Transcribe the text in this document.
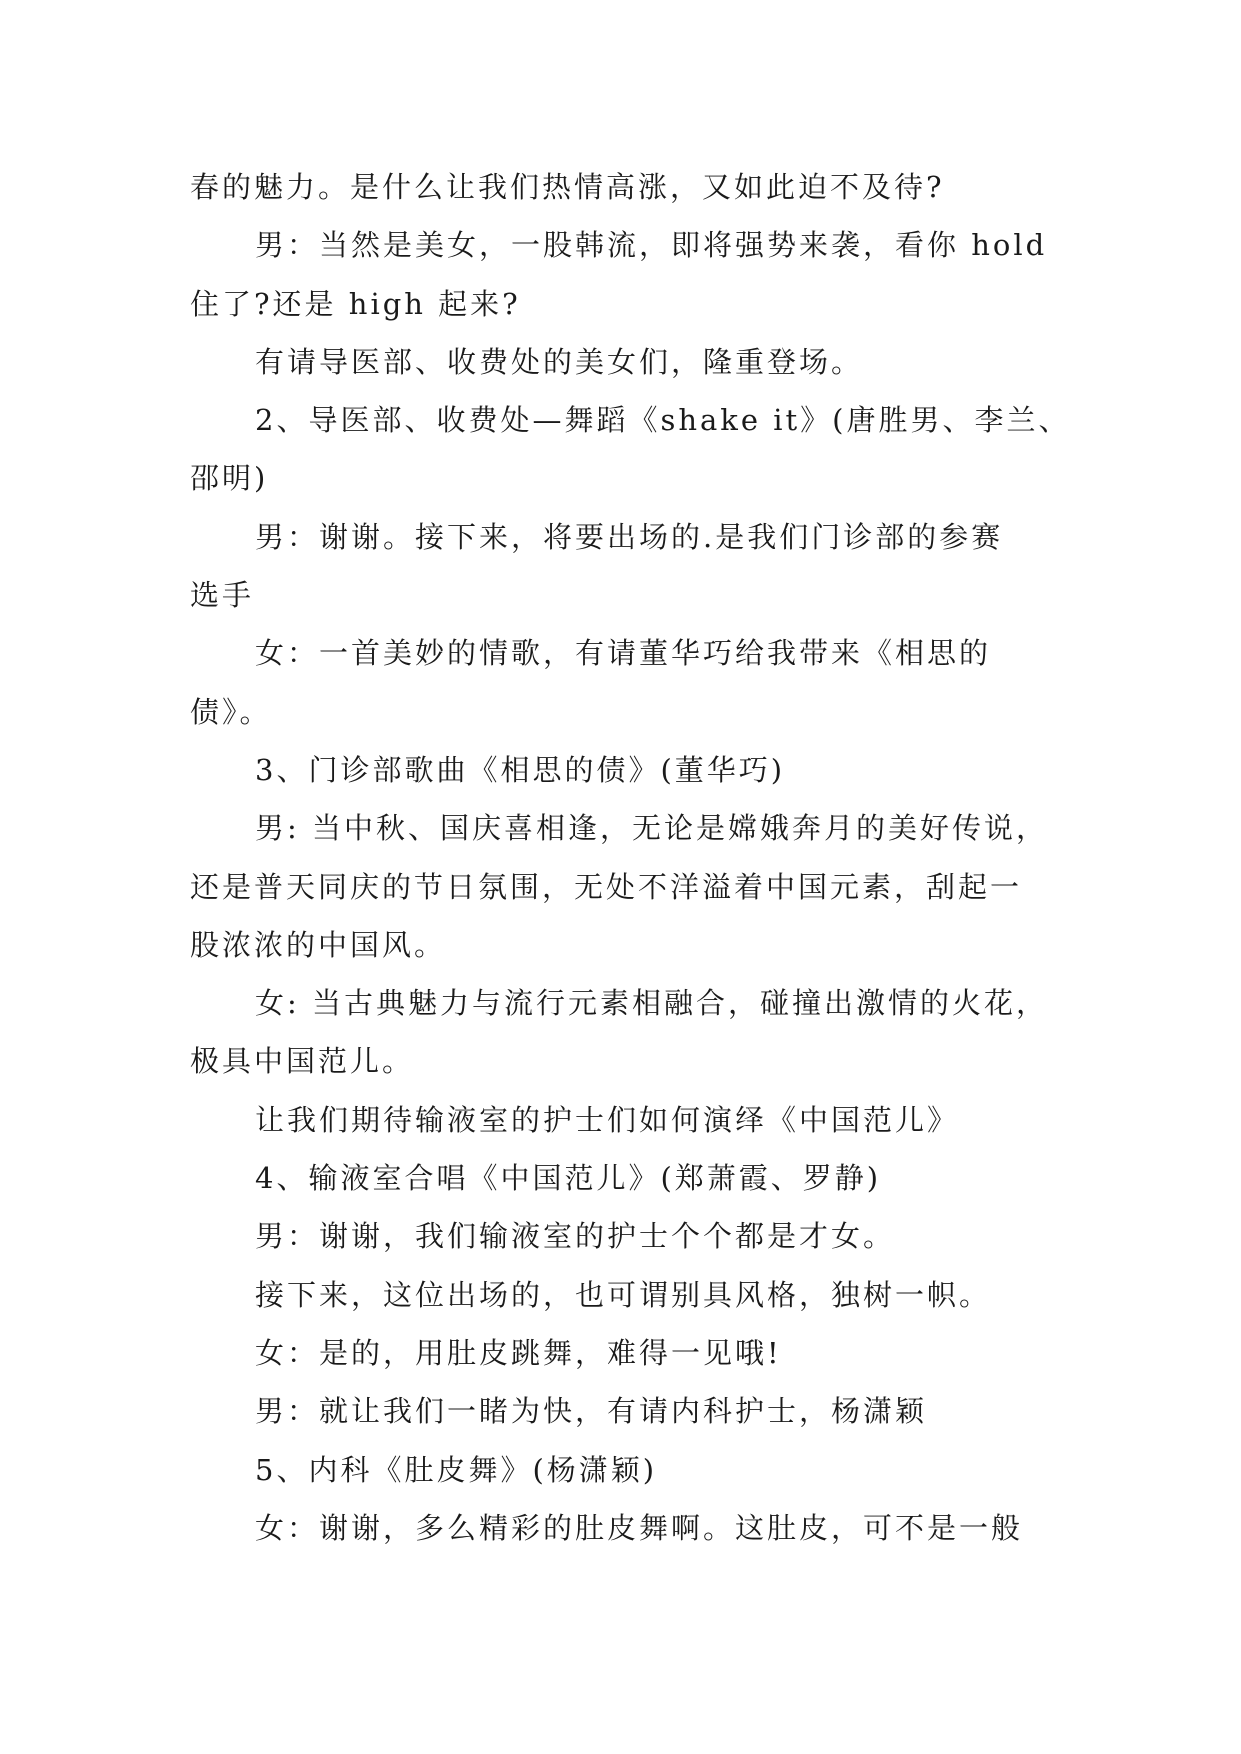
春的魅力。是什么让我们热情高涨，又如此迫不及待?
男：当然是美女，一股韩流，即将强势来袭，看你 hold
住了?还是 high 起来?
有请导医部、收费处的美女们，隆重登场。
2、导医部、收费处—舞蹈《shake it》(唐胜男、李兰、
邵明)
男：谢谢。接下来，将要出场的.是我们门诊部的参赛
选手
女：一首美妙的情歌，有请董华巧给我带来《相思的
债》。
3、门诊部歌曲《相思的债》(董华巧)
男: 当中秋、国庆喜相逢，无论是嫦娥奔月的美好传说，
还是普天同庆的节日氛围，无处不洋溢着中国元素，刮起一
股浓浓的中国风。
女: 当古典魅力与流行元素相融合，碰撞出激情的火花，
极具中国范儿。
让我们期待输液室的护士们如何演绎《中国范儿》
4、输液室合唱《中国范儿》(郑萧霞、罗静)
男：谢谢，我们输液室的护士个个都是才女。
接下来，这位出场的，也可谓别具风格，独树一帜。
女：是的，用肚皮跳舞，难得一见哦!
男：就让我们一睹为快，有请内科护士，杨潇颖
5、内科《肚皮舞》(杨潇颖)
女：谢谢，多么精彩的肚皮舞啊。这肚皮，可不是一般
